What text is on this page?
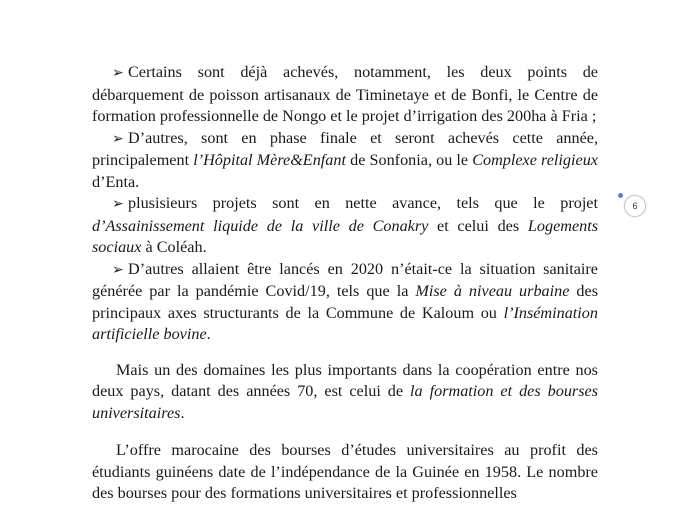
➢ Certains sont déjà achevés, notamment, les deux points de débarquement de poisson artisanaux de Timinetaye et de Bonfi, le Centre de formation professionnelle de Nongo et le projet d’irrigation des 200ha à Fria ;

➢ D’autres, sont en phase finale et seront achevés cette année, principalement l’Hôpital Mère&Enfant de Sonfonia, ou le Complexe religieux d’Enta.

➢ plusisieurs projets sont en nette avance, tels que le projet d’Assainissement liquide de la ville de Conakry et celui des Logements sociaux à Coléah.

➢ D’autres allaient être lancés en 2020 n’était-ce la situation sanitaire générée par la pandémie Covid/19, tels que la Mise à niveau urbaine des principaux axes structurants de la Commune de Kaloum ou l’Insémination artificielle bovine.

Mais un des domaines les plus importants dans la coopération entre nos deux pays, datant des années 70, est celui de la formation et des bourses universitaires.

L’offre marocaine des bourses d’études universitaires au profit des étudiants guinéens date de l’indépendance de la Guinée en 1958. Le nombre des bourses pour des formations universitaires et professionnelles

6
